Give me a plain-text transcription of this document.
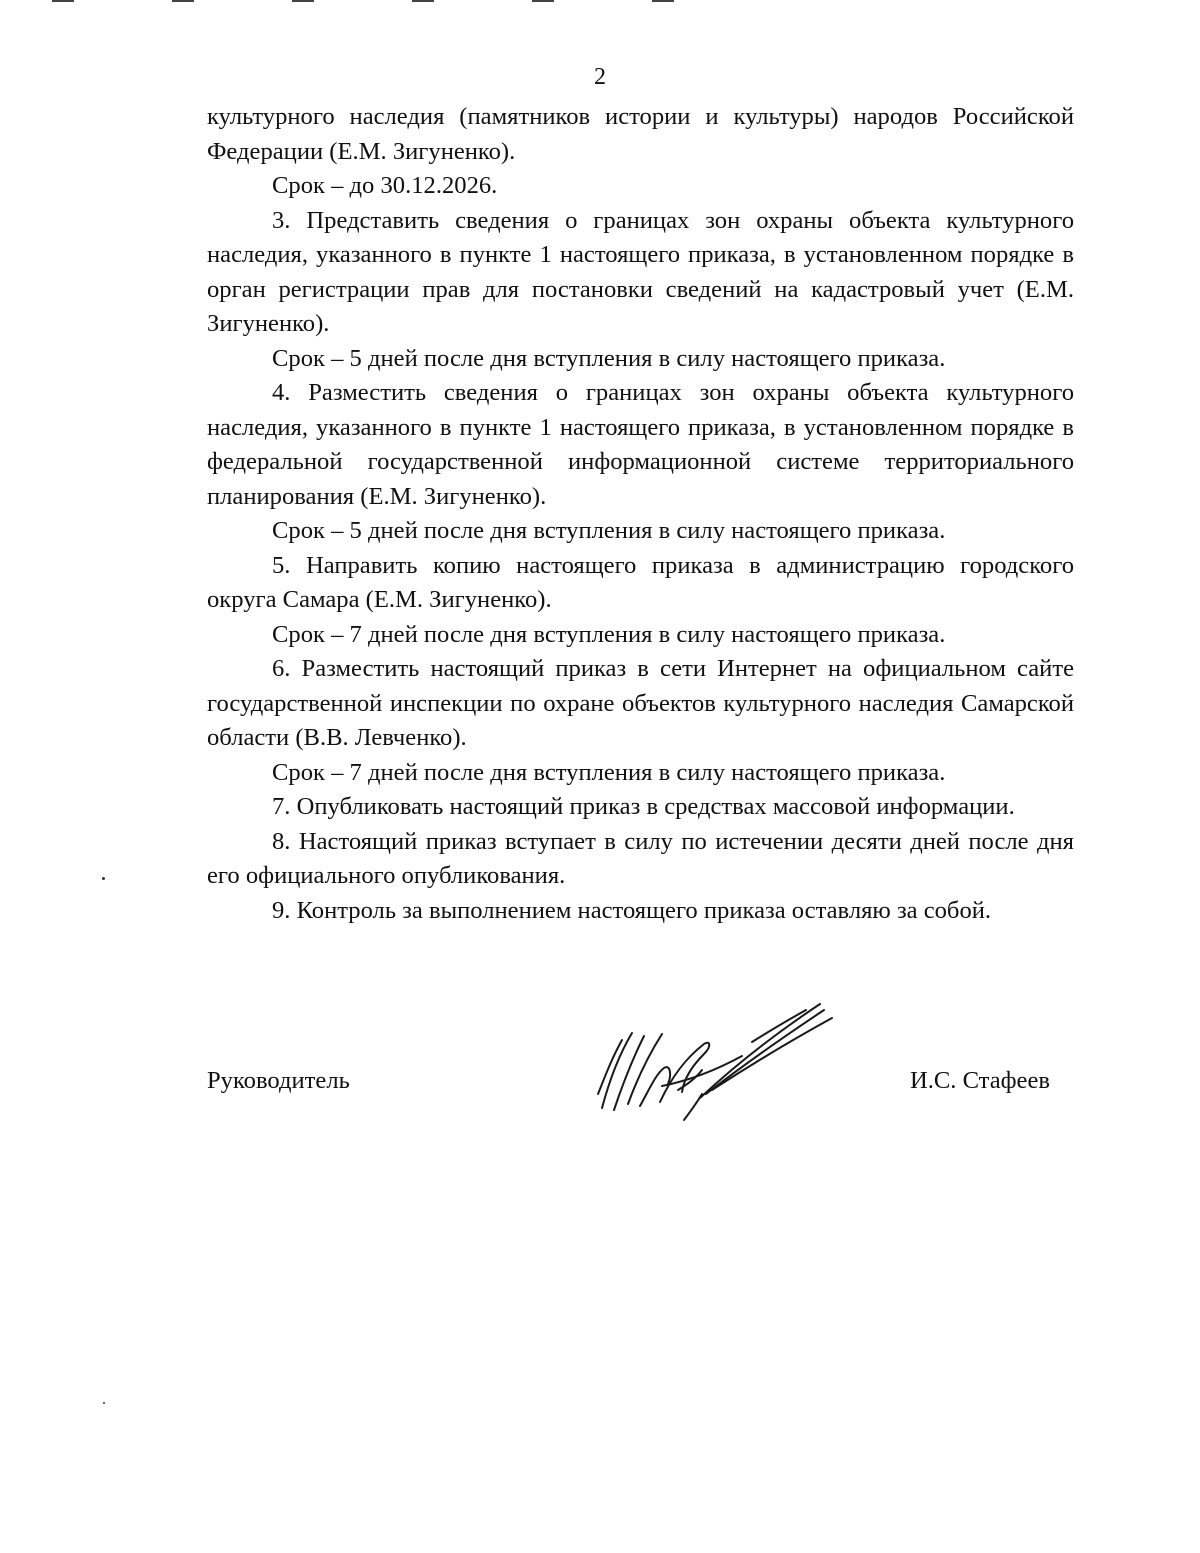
2

культурного наследия (памятников истории и культуры) народов Российской Федерации (Е.М. Зигуненко).

Срок – до 30.12.2026.

3. Представить сведения о границах зон охраны объекта культурного наследия, указанного в пункте 1 настоящего приказа, в установленном порядке в орган регистрации прав для постановки сведений на кадастровый учет (Е.М. Зигуненко).

Срок – 5 дней после дня вступления в силу настоящего приказа.

4. Разместить сведения о границах зон охраны объекта культурного наследия, указанного в пункте 1 настоящего приказа, в установленном порядке в федеральной государственной информационной системе территориального планирования (Е.М. Зигуненко).

Срок – 5 дней после дня вступления в силу настоящего приказа.

5. Направить копию настоящего приказа в администрацию городского округа Самара (Е.М. Зигуненко).

Срок – 7 дней после дня вступления в силу настоящего приказа.

6. Разместить настоящий приказ в сети Интернет на официальном сайте государственной инспекции по охране объектов культурного наследия Самарской области (В.В. Левченко).

Срок – 7 дней после дня вступления в силу настоящего приказа.

7. Опубликовать настоящий приказ в средствах массовой информации.

8. Настоящий приказ вступает в силу по истечении десяти дней после дня его официального опубликования.

9. Контроль за выполнением настоящего приказа оставляю за собой.

Руководитель	И.С. Стафеев
